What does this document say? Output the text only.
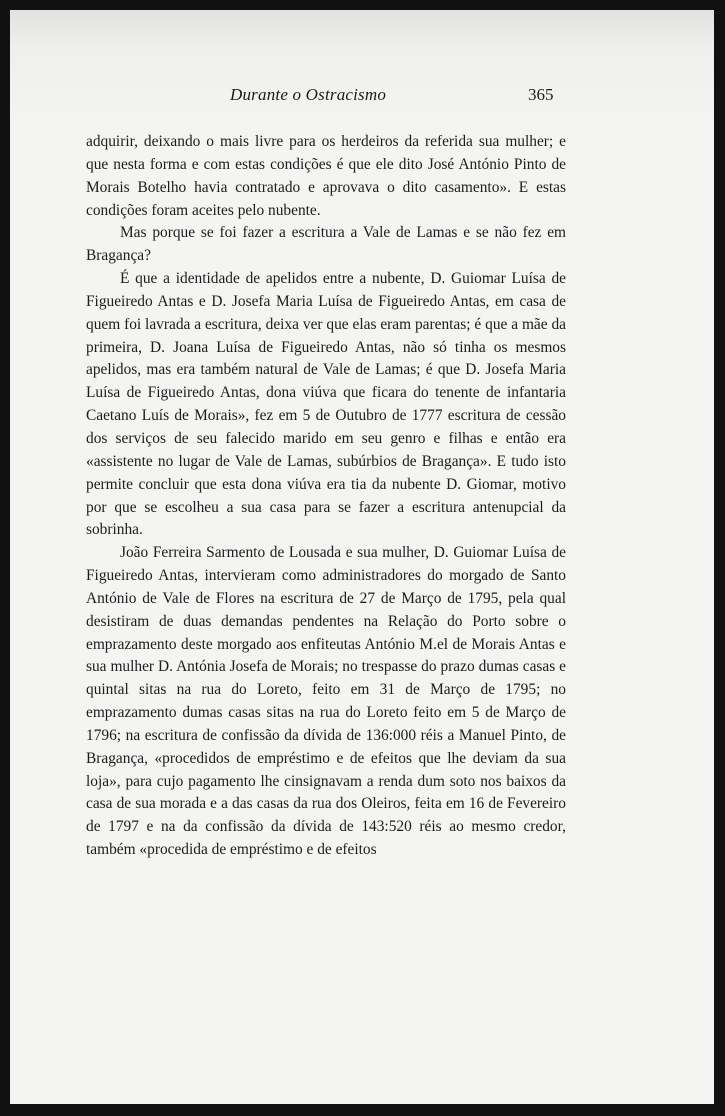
Durante o Ostracismo	365

adquirir, deixando o mais livre para os herdeiros da referida sua mulher; e que nesta forma e com estas condições é que ele dito José António Pinto de Morais Botelho havia contratado e aprovava o dito casamento». E estas condições foram aceites pelo nubente.

Mas porque se foi fazer a escritura a Vale de Lamas e se não fez em Bragança?

É que a identidade de apelidos entre a nubente, D. Guiomar Luísa de Figueiredo Antas e D. Josefa Maria Luísa de Figueiredo Antas, em casa de quem foi lavrada a escritura, deixa ver que elas eram parentas; é que a mãe da primeira, D. Joana Luísa de Figueiredo Antas, não só tinha os mesmos apelidos, mas era também natural de Vale de Lamas; é que D. Josefa Maria Luísa de Figueiredo Antas, dona viúva que ficara do tenente de infantaria Caetano Luís de Morais», fez em 5 de Outubro de 1777 escritura de cessão dos serviços de seu falecido marido em seu genro e filhas e então era «assistente no lugar de Vale de Lamas, subúrbios de Bragança». E tudo isto permite concluir que esta dona viúva era tia da nubente D. Giomar, motivo por que se escolheu a sua casa para se fazer a escritura antenupcial da sobrinha.

João Ferreira Sarmento de Lousada e sua mulher, D. Guiomar Luísa de Figueiredo Antas, intervieram como administradores do morgado de Santo António de Vale de Flores na escritura de 27 de Março de 1795, pela qual desistiram de duas demandas pendentes na Relação do Porto sobre o emprazamento deste morgado aos enfiteutas António M.el de Morais Antas e sua mulher D. Antónia Josefa de Morais; no trespasse do prazo dumas casas e quintal sitas na rua do Loreto, feito em 31 de Março de 1795; no emprazamento dumas casas sitas na rua do Loreto feito em 5 de Março de 1796; na escritura de confissão da dívida de 136:000 réis a Manuel Pinto, de Bragança, «procedidos de empréstimo e de efeitos que lhe deviam da sua loja», para cujo pagamento lhe cinsignavam a renda dum soto nos baixos da casa de sua morada e a das casas da rua dos Oleiros, feita em 16 de Fevereiro de 1797 e na da confissão da dívida de 143:520 réis ao mesmo credor, também «procedida de empréstimo e de efeitos
